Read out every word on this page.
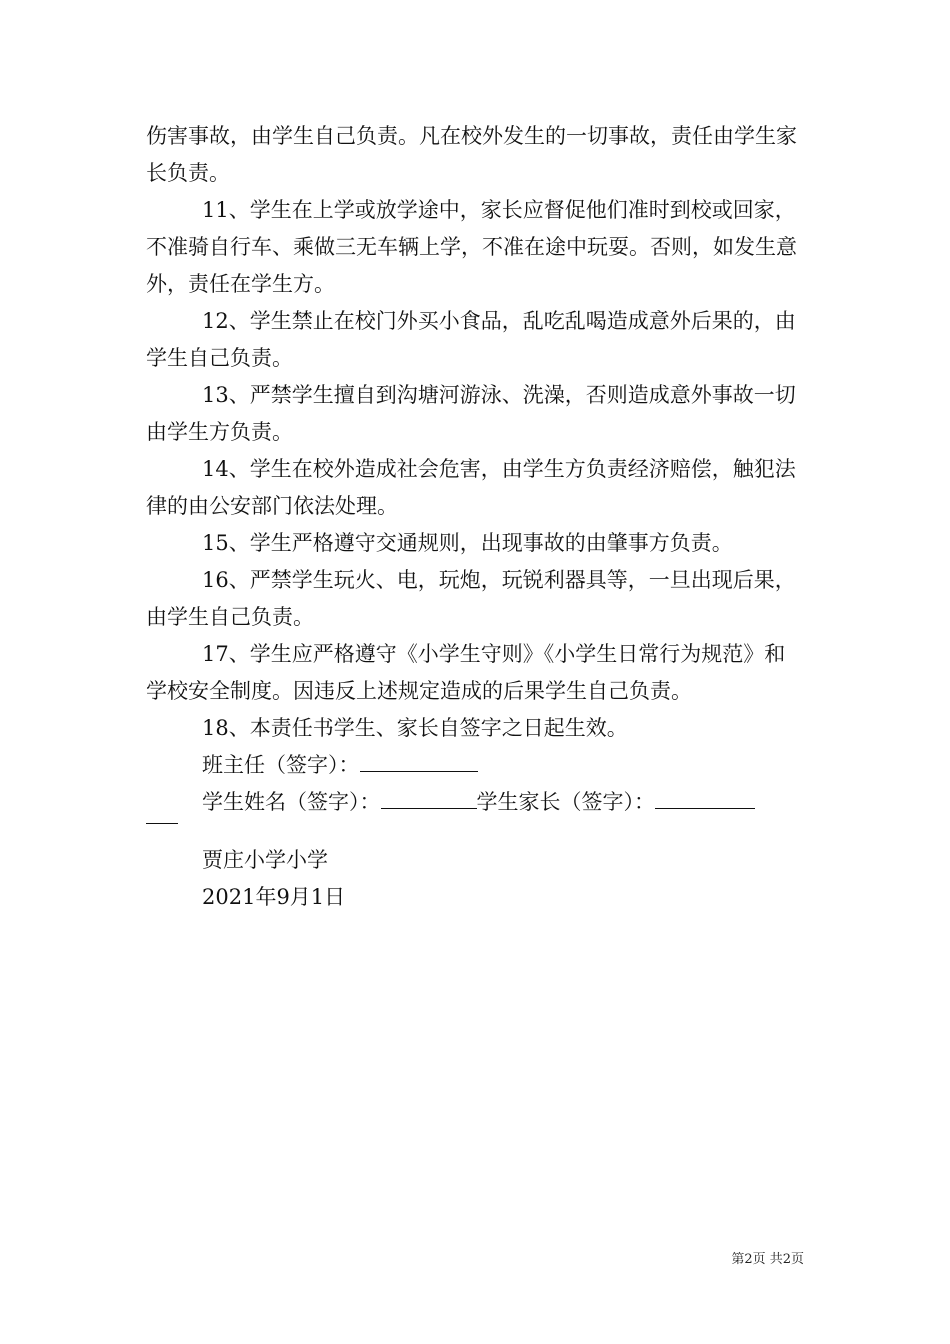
伤害事故，由学生自己负责。凡在校外发生的一切事故，责任由学生家长负责。

11、学生在上学或放学途中，家长应督促他们准时到校或回家，不准骑自行车、乘做三无车辆上学，不准在途中玩耍。否则，如发生意外，责任在学生方。

12、学生禁止在校门外买小食品，乱吃乱喝造成意外后果的，由学生自己负责。

13、严禁学生擅自到沟塘河游泳、洗澡，否则造成意外事故一切由学生方负责。

14、学生在校外造成社会危害，由学生方负责经济赔偿，触犯法律的由公安部门依法处理。

15、学生严格遵守交通规则，出现事故的由肇事方负责。

16、严禁学生玩火、电，玩炮，玩锐利器具等，一旦出现后果，由学生自己负责。

17、学生应严格遵守《小学生守则》《小学生日常行为规范》和学校安全制度。因违反上述规定造成的后果学生自己负责。

18、本责任书学生、家长自签字之日起生效。

班主任（签字）：

学生姓名（签字）：	学生家长（签字）：

贾庄小学小学

2021年9月1日

第2页 共2页
